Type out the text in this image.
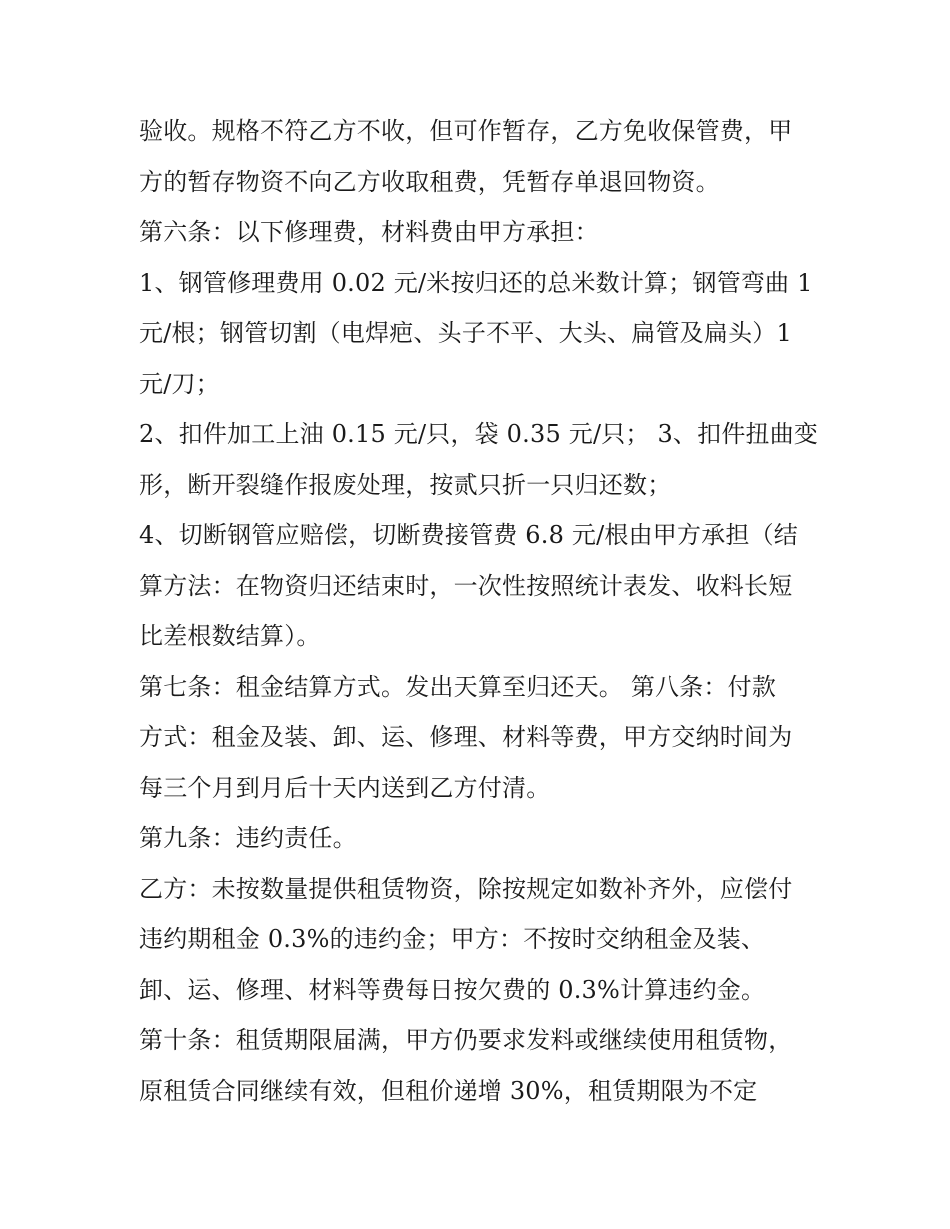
验收。规格不符乙方不收，但可作暂存，乙方免收保管费，甲
方的暂存物资不向乙方收取租费，凭暂存单退回物资。
第六条：以下修理费，材料费由甲方承担：
1、钢管修理费用 0.02 元/米按归还的总米数计算；钢管弯曲 1
元/根；钢管切割（电焊疤、头子不平、大头、扁管及扁头）1
元/刀；
2、扣件加工上油 0.15 元/只，袋 0.35 元/只； 3、扣件扭曲变
形，断开裂缝作报废处理，按贰只折一只归还数；
4、切断钢管应赔偿，切断费接管费 6.8 元/根由甲方承担（结
算方法：在物资归还结束时，一次性按照统计表发、收料长短
比差根数结算）。
第七条：租金结算方式。发出天算至归还天。 第八条：付款
方式：租金及装、卸、运、修理、材料等费，甲方交纳时间为
每三个月到月后十天内送到乙方付清。
第九条：违约责任。
乙方：未按数量提供租赁物资，除按规定如数补齐外，应偿付
违约期租金 0.3%的违约金；甲方：不按时交纳租金及装、
卸、运、修理、材料等费每日按欠费的 0.3%计算违约金。
第十条：租赁期限届满，甲方仍要求发料或继续使用租赁物，
原租赁合同继续有效，但租价递增 30%，租赁期限为不定
